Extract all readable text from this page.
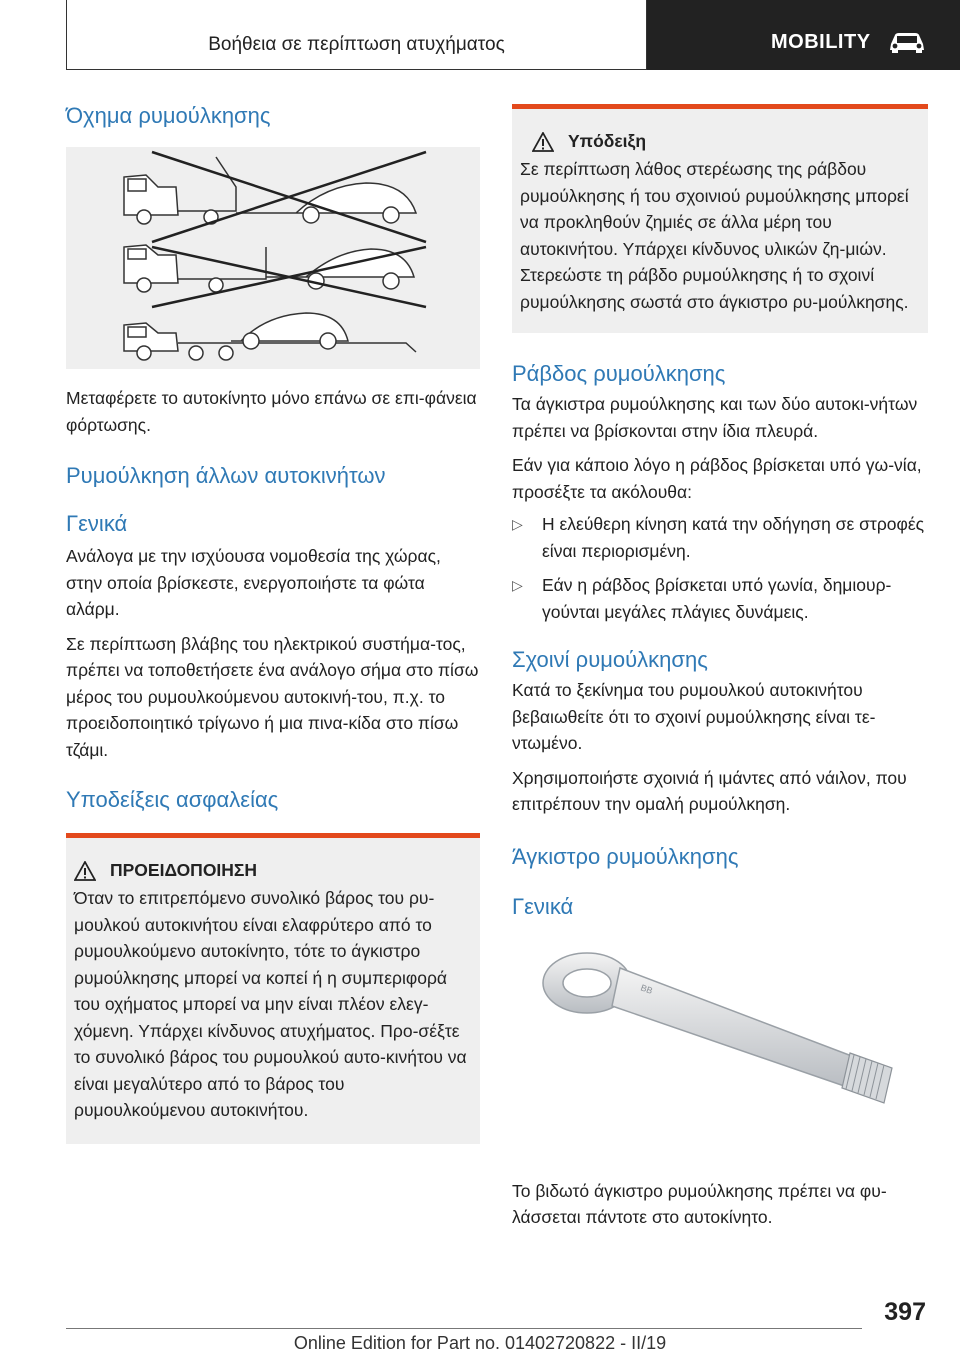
Βοήθεια σε περίπτωση ατυχήματος	MOBILITY
Όχημα ρυμούλκησης

Μεταφέρετε το αυτοκίνητο μόνο επάνω σε επι-φάνεια φόρτωσης.

Ρυμούλκηση άλλων αυτοκινήτων
Γενικά

Ανάλογα με την ισχύουσα νομοθεσία της χώρας, στην οποία βρίσκεστε, ενεργοποιήστε τα φώτα αλάρμ.

Σε περίπτωση βλάβης του ηλεκτρικού συστήμα-τος, πρέπει να τοποθετήσετε ένα ανάλογο σήμα στο πίσω μέρος του ρυμουλκούμενου αυτοκινή-του, π.χ. το προειδοποιητικό τρίγωνο ή μια πινα-κίδα στο πίσω τζάμι.

Υποδείξεις ασφαλείας
ΠΡΟΕΙΔΟΠΟΙΗΣΗ

Όταν το επιτρεπόμενο συνολικό βάρος του ρυ-μουλκού αυτοκινήτου είναι ελαφρύτερο από το ρυμουλκούμενο αυτοκίνητο, τότε το άγκιστρο ρυμούλκησης μπορεί να κοπεί ή η συμπεριφορά του οχήματος μπορεί να μην είναι πλέον ελεγ-χόμενη. Υπάρχει κίνδυνος ατυχήματος. Προ-σέξτε το συνολικό βάρος του ρυμουλκού αυτο-κινήτου να είναι μεγαλύτερο από το βάρος του ρυμουλκούμενου αυτοκινήτου.

Υπόδειξη

Σε περίπτωση λάθος στερέωσης της ράβδου ρυμούλκησης ή του σχοινιού ρυμούλκησης μπορεί να προκληθούν ζημιές σε άλλα μέρη του αυτοκινήτου. Υπάρχει κίνδυνος υλικών ζη-μιών. Στερεώστε τη ράβδο ρυμούλκησης ή το σχοινί ρυμούλκησης σωστά στο άγκιστρο ρυ-μούλκησης.

Ράβδος ρυμούλκησης

Τα άγκιστρα ρυμούλκησης και των δύο αυτοκι-νήτων πρέπει να βρίσκονται στην ίδια πλευρά.

Εάν για κάποιο λόγο η ράβδος βρίσκεται υπό γω-νία, προσέξτε τα ακόλουθα:

▷ Η ελεύθερη κίνηση κατά την οδήγηση σε στροφές είναι περιορισμένη.
▷ Εάν η ράβδος βρίσκεται υπό γωνία, δημιουρ-γούνται μεγάλες πλάγιες δυνάμεις.
Σχοινί ρυμούλκησης

Κατά το ξεκίνημα του ρυμουλκού αυτοκινήτου βεβαιωθείτε ότι το σχοινί ρυμούλκησης είναι τε-ντωμένο.

Χρησιμοποιήστε σχοινιά ή ιμάντες από νάιλον, που επιτρέπουν την ομαλή ρυμούλκηση.

Άγκιστρο ρυμούλκησης
Γενικά
BB

Το βιδωτό άγκιστρο ρυμούλκησης πρέπει να φυ-λάσσεται πάντοτε στο αυτοκίνητο.

397
Online Edition for Part no. 01402720822 - II/19
